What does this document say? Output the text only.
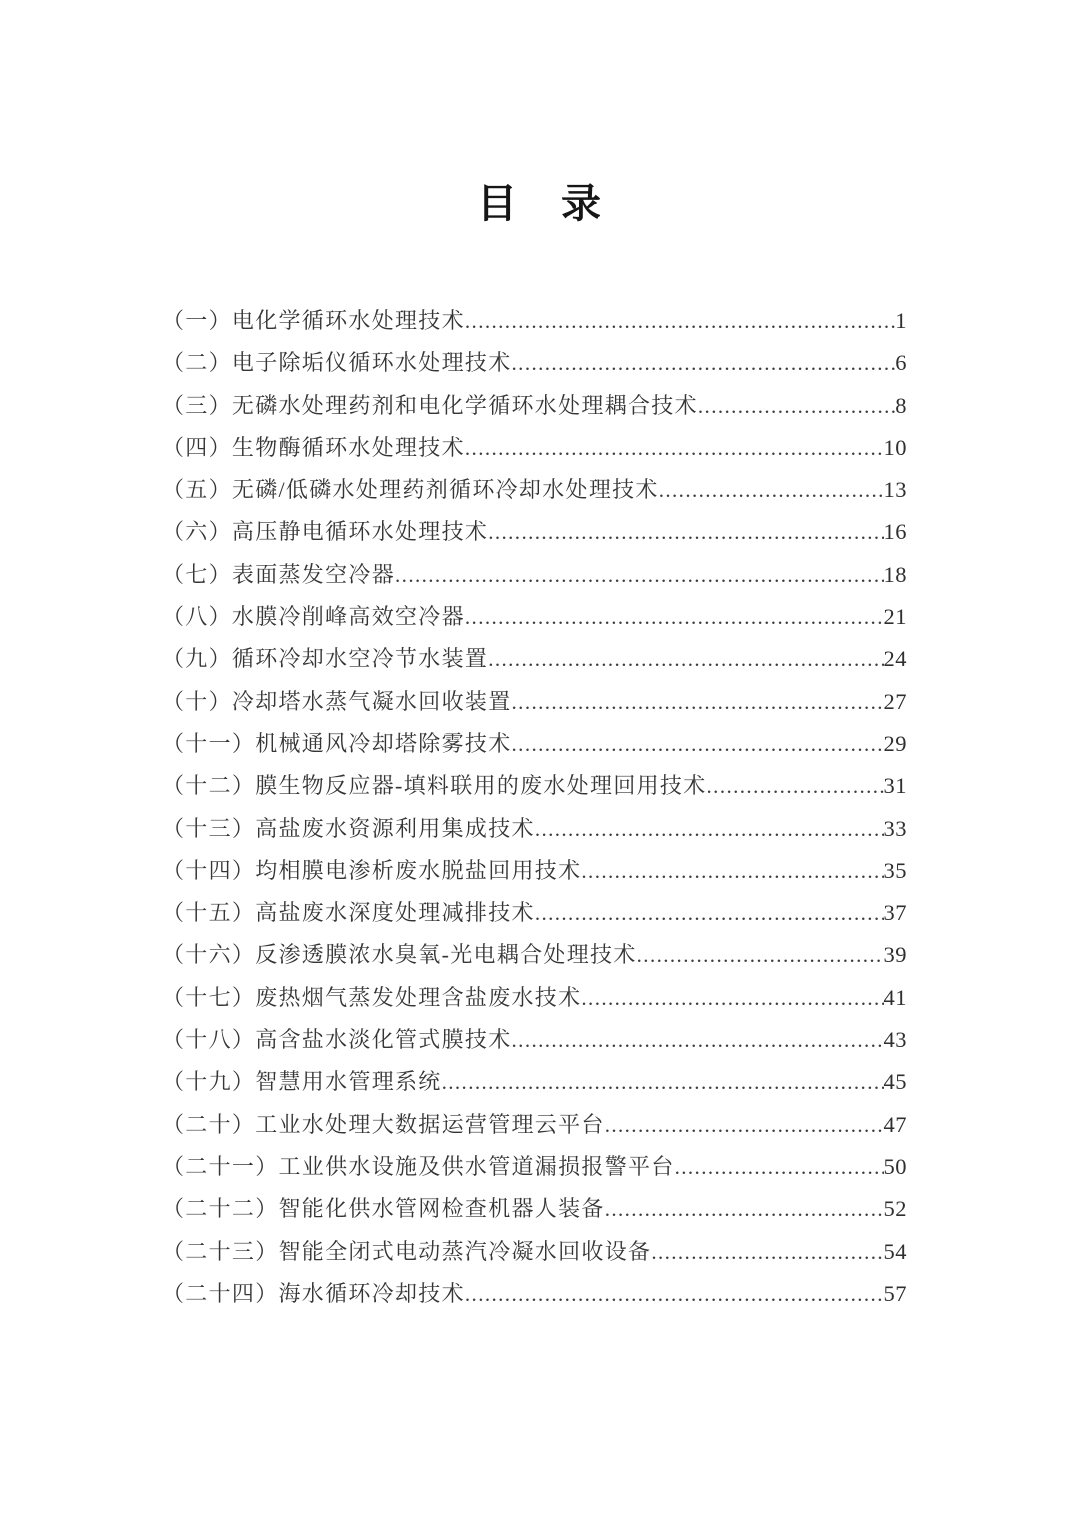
目　录
（一）电化学循环水处理技术 .....	1
（二）电子除垢仪循环水处理技术 .....	6
（三）无磷水处理药剂和电化学循环水处理耦合技术 .....	8
（四）生物酶循环水处理技术 .....	10
（五）无磷/低磷水处理药剂循环冷却水处理技术 .....	13
（六）高压静电循环水处理技术 .....	16
（七）表面蒸发空冷器 .....	18
（八）水膜冷削峰高效空冷器 .....	21
（九）循环冷却水空冷节水装置 .....	24
（十）冷却塔水蒸气凝水回收装置 .....	27
（十一）机械通风冷却塔除雾技术 .....	29
（十二）膜生物反应器-填料联用的废水处理回用技术 .....	31
（十三）高盐废水资源利用集成技术 .....	33
（十四）均相膜电渗析废水脱盐回用技术 .....	35
（十五）高盐废水深度处理减排技术 .....	37
（十六）反渗透膜浓水臭氧-光电耦合处理技术 .....	39
（十七）废热烟气蒸发处理含盐废水技术 .....	41
（十八）高含盐水淡化管式膜技术 .....	43
（十九）智慧用水管理系统 .....	45
（二十）工业水处理大数据运营管理云平台 .....	47
（二十一）工业供水设施及供水管道漏损报警平台 .....	50
（二十二）智能化供水管网检查机器人装备 .....	52
（二十三）智能全闭式电动蒸汽冷凝水回收设备 .....	54
（二十四）海水循环冷却技术 .....	57
